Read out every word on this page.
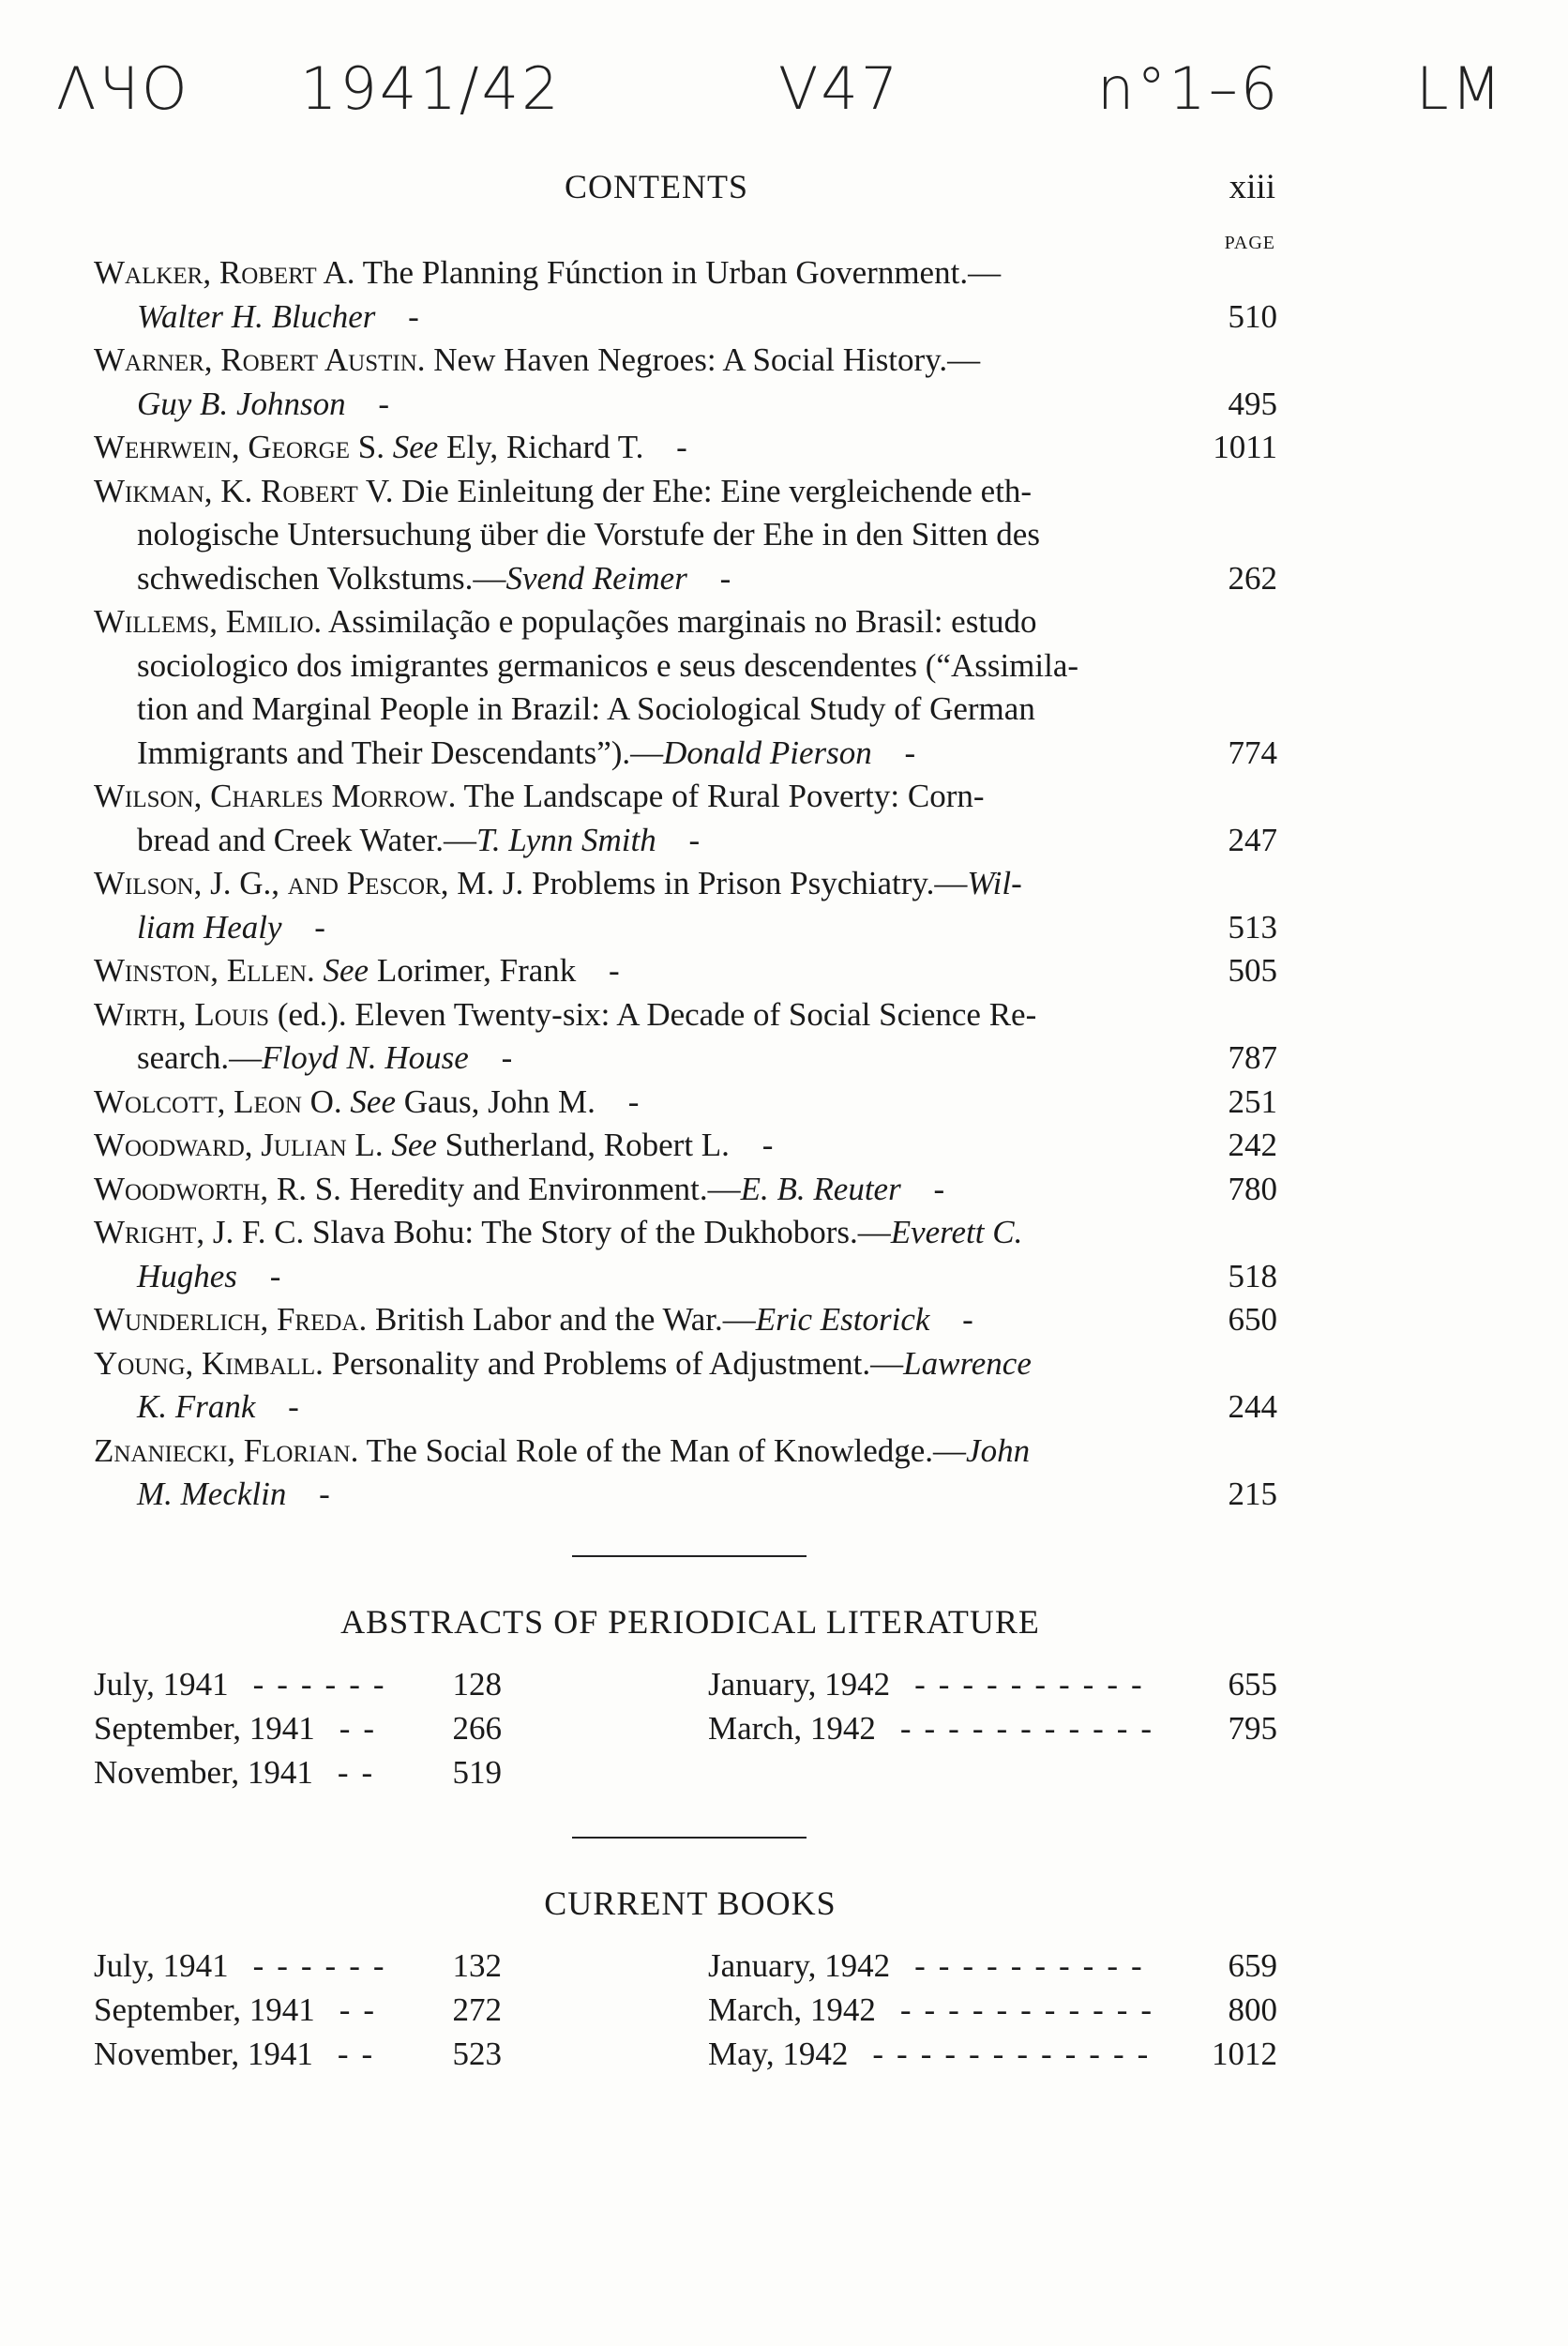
ΛЧO 1941/42	V47	n°1–6 LM
CONTENTS	xiii
PAGE
Walker, Robert A. The Planning Fúnction in Urban Government.—
Walter H. Blucher -	510
Warner, Robert Austin. New Haven Negroes: A Social History.—
Guy B. Johnson -	495
Wehrwein, George S. See Ely, Richard T. -	1011
Wikman, K. Robert V. Die Einleitung der Ehe: Eine vergleichende eth-
nologische Untersuchung über die Vorstufe der Ehe in den Sitten des
schwedischen Volkstums.—Svend Reimer -	262
Willems, Emilio. Assimilação e populações marginais no Brasil: estudo
sociologico dos imigrantes germanicos e seus descendentes (“Assimila-
tion and Marginal People in Brazil: A Sociological Study of German
Immigrants and Their Descendants”).—Donald Pierson -	774
Wilson, Charles Morrow. The Landscape of Rural Poverty: Corn-
bread and Creek Water.—T. Lynn Smith -	247
Wilson, J. G., and Pescor, M. J. Problems in Prison Psychiatry.—Wil-
liam Healy -	513
Winston, Ellen. See Lorimer, Frank -	505
Wirth, Louis (ed.). Eleven Twenty-six: A Decade of Social Science Re-
search.—Floyd N. House -	787
Wolcott, Leon O. See Gaus, John M. -	251
Woodward, Julian L. See Sutherland, Robert L. -	242
Woodworth, R. S. Heredity and Environment.—E. B. Reuter -	780
Wright, J. F. C. Slava Bohu: The Story of the Dukhobors.—Everett C.
Hughes -	518
Wunderlich, Freda. British Labor and the War.—Eric Estorick -	650
Young, Kimball. Personality and Problems of Adjustment.—Lawrence
K. Frank -	244
Znaniecki, Florian. The Social Role of the Man of Knowledge.—John
M. Mecklin -	215
ABSTRACTS OF PERIODICAL LITERATURE
July, 1941 ------	128	January, 1942 ----------	655
September, 1941 --	266	March, 1942 -----------	795
November, 1941 --	519
CURRENT BOOKS
July, 1941 ------	132	January, 1942 ----------	659
September, 1941 --	272	March, 1942 -----------	800
November, 1941 --	523	May, 1942 ------------	1012
